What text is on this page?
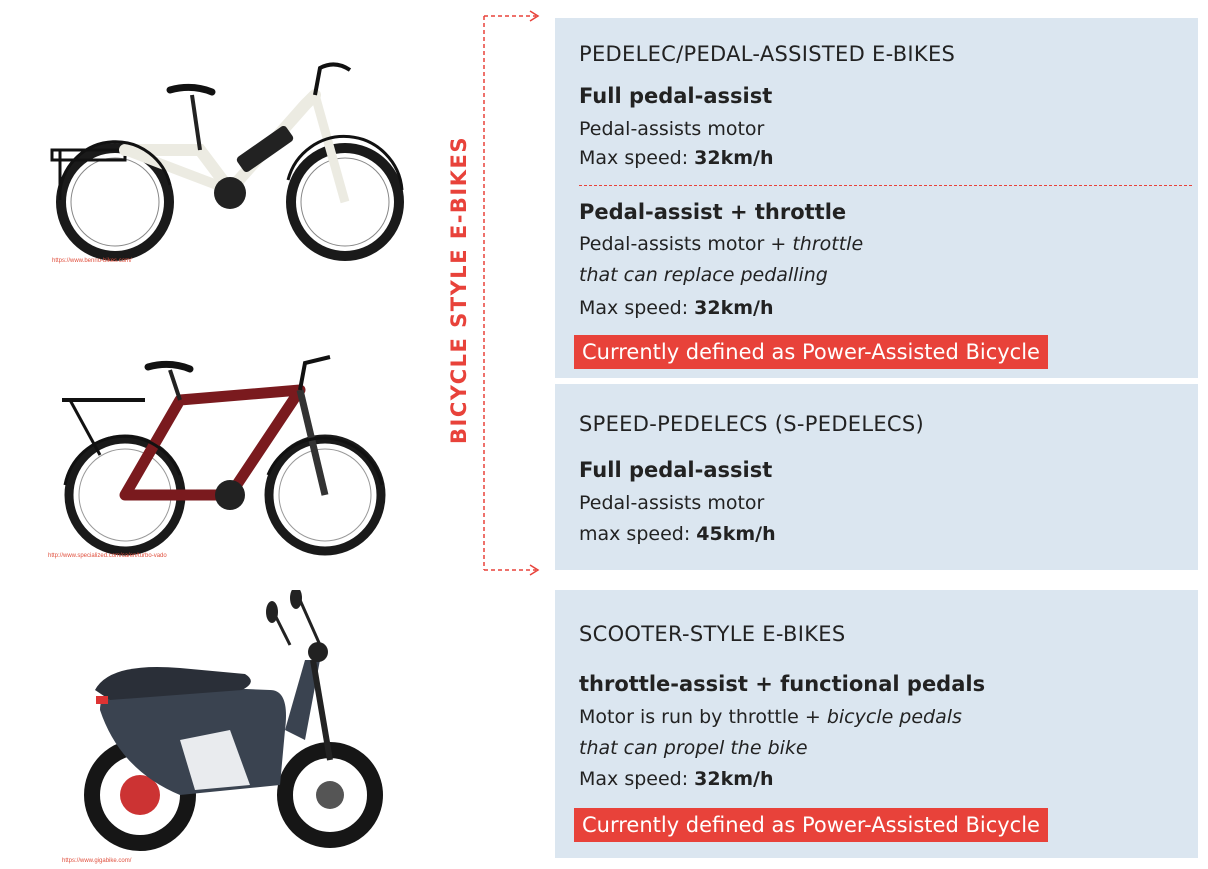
https://www.benno-bikes.com/
http://www.specialized.com/ca/en/turbo-vado
https://www.gigabike.com/
BICYCLE STYLE E-BIKES
PEDELEC/PEDAL-ASSISTED E-BIKES
Full pedal-assist
Pedal-assists motor
Max speed: 32km/h
Pedal-assist + throttle
Pedal-assists motor + throttle
that can replace pedalling
Max speed: 32km/h
Currently defined as Power-Assisted Bicycle
SPEED-PEDELECS (S-PEDELECS)
Full pedal-assist
Pedal-assists motor
max speed: 45km/h
SCOOTER-STYLE E-BIKES
throttle-assist + functional pedals
Motor is run by throttle + bicycle pedals
that can propel the bike
Max speed: 32km/h
Currently defined as Power-Assisted Bicycle
